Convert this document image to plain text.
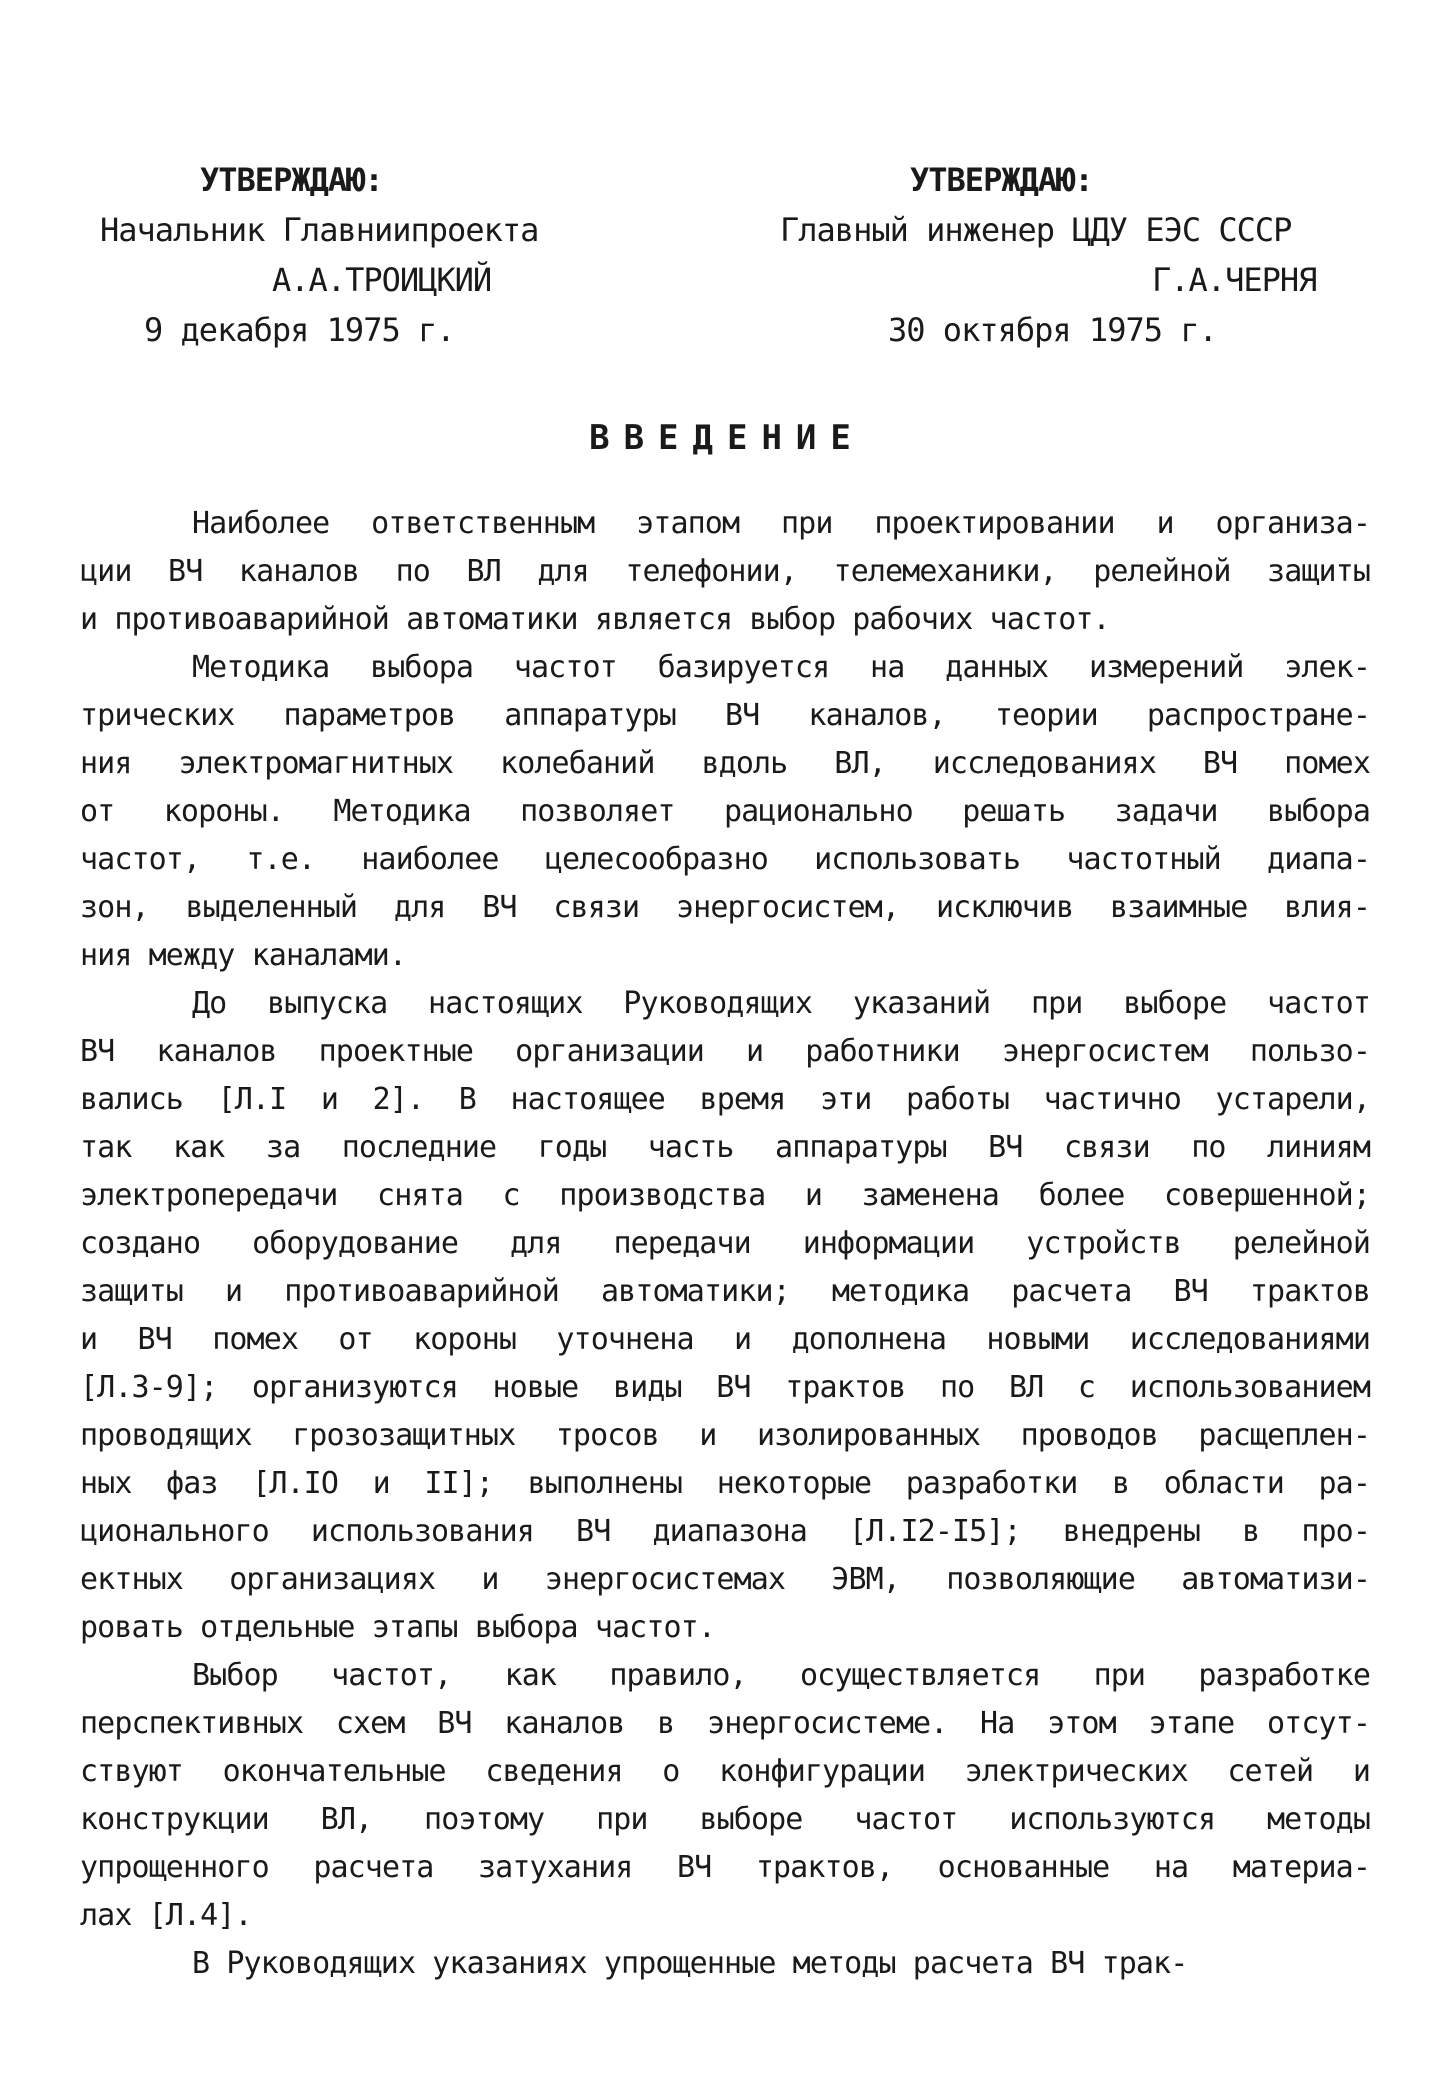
УТВЕРЖДАЮ:
Начальник Главниипроекта
А.А.ТРОИЦКИЙ
9 декабря 1975 г.
УТВЕРЖДАЮ:
Главный инженер ЦДУ ЕЭС СССР
Г.А.ЧЕРНЯ
30 октября 1975 г.
ВВЕДЕНИЕ
Наиболее ответственным этапом при проектировании и организа-
ции ВЧ каналов по ВЛ для телефонии, телемеханики, релейной защиты
и противоаварийной автоматики является выбор рабочих частот.
Методика выбора частот базируется на данных измерений элек-
трических параметров аппаратуры ВЧ каналов, теории распростране-
ния электромагнитных колебаний вдоль ВЛ, исследованиях ВЧ помех
от короны. Методика позволяет рационально решать задачи выбора
частот, т.е. наиболее целесообразно использовать частотный диапа-
зон, выделенный для ВЧ связи энергосистем, исключив взаимные влия-
ния между каналами.
До выпуска настоящих Руководящих указаний при выборе частот
ВЧ каналов проектные организации и работники энергосистем пользо-
вались [Л.I и 2]. В настоящее время эти работы частично устарели,
так как за последние годы часть аппаратуры ВЧ связи по линиям
электропередачи снята с производства и заменена более совершенной;
создано оборудование для передачи информации устройств релейной
защиты и противоаварийной автоматики; методика расчета ВЧ трактов
и ВЧ помех от короны уточнена и дополнена новыми исследованиями
[Л.3-9]; организуются новые виды ВЧ трактов по ВЛ с использованием
проводящих грозозащитных тросов и изолированных проводов расщеплен-
ных фаз [Л.IO и II]; выполнены некоторые разработки в области ра-
ционального использования ВЧ диапазона [Л.I2-I5]; внедрены в про-
ектных организациях и энергосистемах ЭВМ, позволяющие автоматизи-
ровать отдельные этапы выбора частот.
Выбор частот, как правило, осуществляется при разработке
перспективных схем ВЧ каналов в энергосистеме. На этом этапе отсут-
ствуют окончательные сведения о конфигурации электрических сетей и
конструкции ВЛ, поэтому при выборе частот используются методы
упрощенного расчета затухания ВЧ трактов, основанные на материа-
лах [Л.4].
В Руководящих указаниях упрощенные методы расчета ВЧ трак-
